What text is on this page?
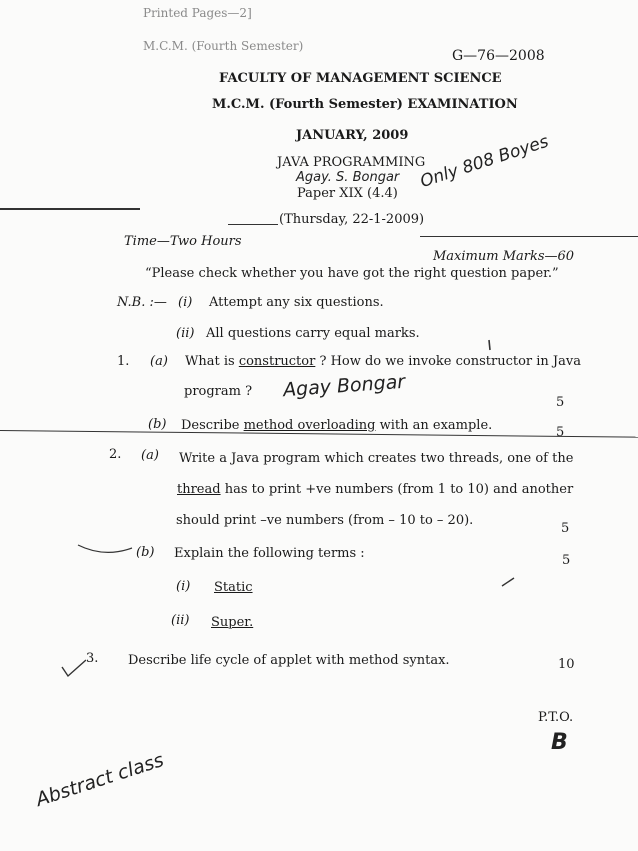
Printed Pages—2]
M.C.M. (Fourth Semester)
G—76—2008
FACULTY OF MANAGEMENT SCIENCE
M.C.M. (Fourth Semester) EXAMINATION
JANUARY, 2009
JAVA PROGRAMMING
Agay. S. Bongar
Paper XIX (4.4)
Only 808 Boyes
(Thursday, 22-1-2009)
Time—Two Hours
Maximum Marks—60
“Please check whether you have got the right question paper.”
N.B. :— (i) Attempt any six questions.
(ii) All questions carry equal marks.
1. (a) What is constructor ? How do we invoke constructor in Java
program ? Agay Bongar
5
(b) Describe method overloading with an example.	5
2. (a) Write a Java program which creates two threads, one of the
thread has to print +ve numbers (from 1 to 10) and another
should print –ve numbers (from – 10 to – 20).
5
(b) Explain the following terms :	5
(i) Static
(ii) Super.
3. Describe life cycle of applet with method syntax.	10
P.T.O.
B
Abstract class
